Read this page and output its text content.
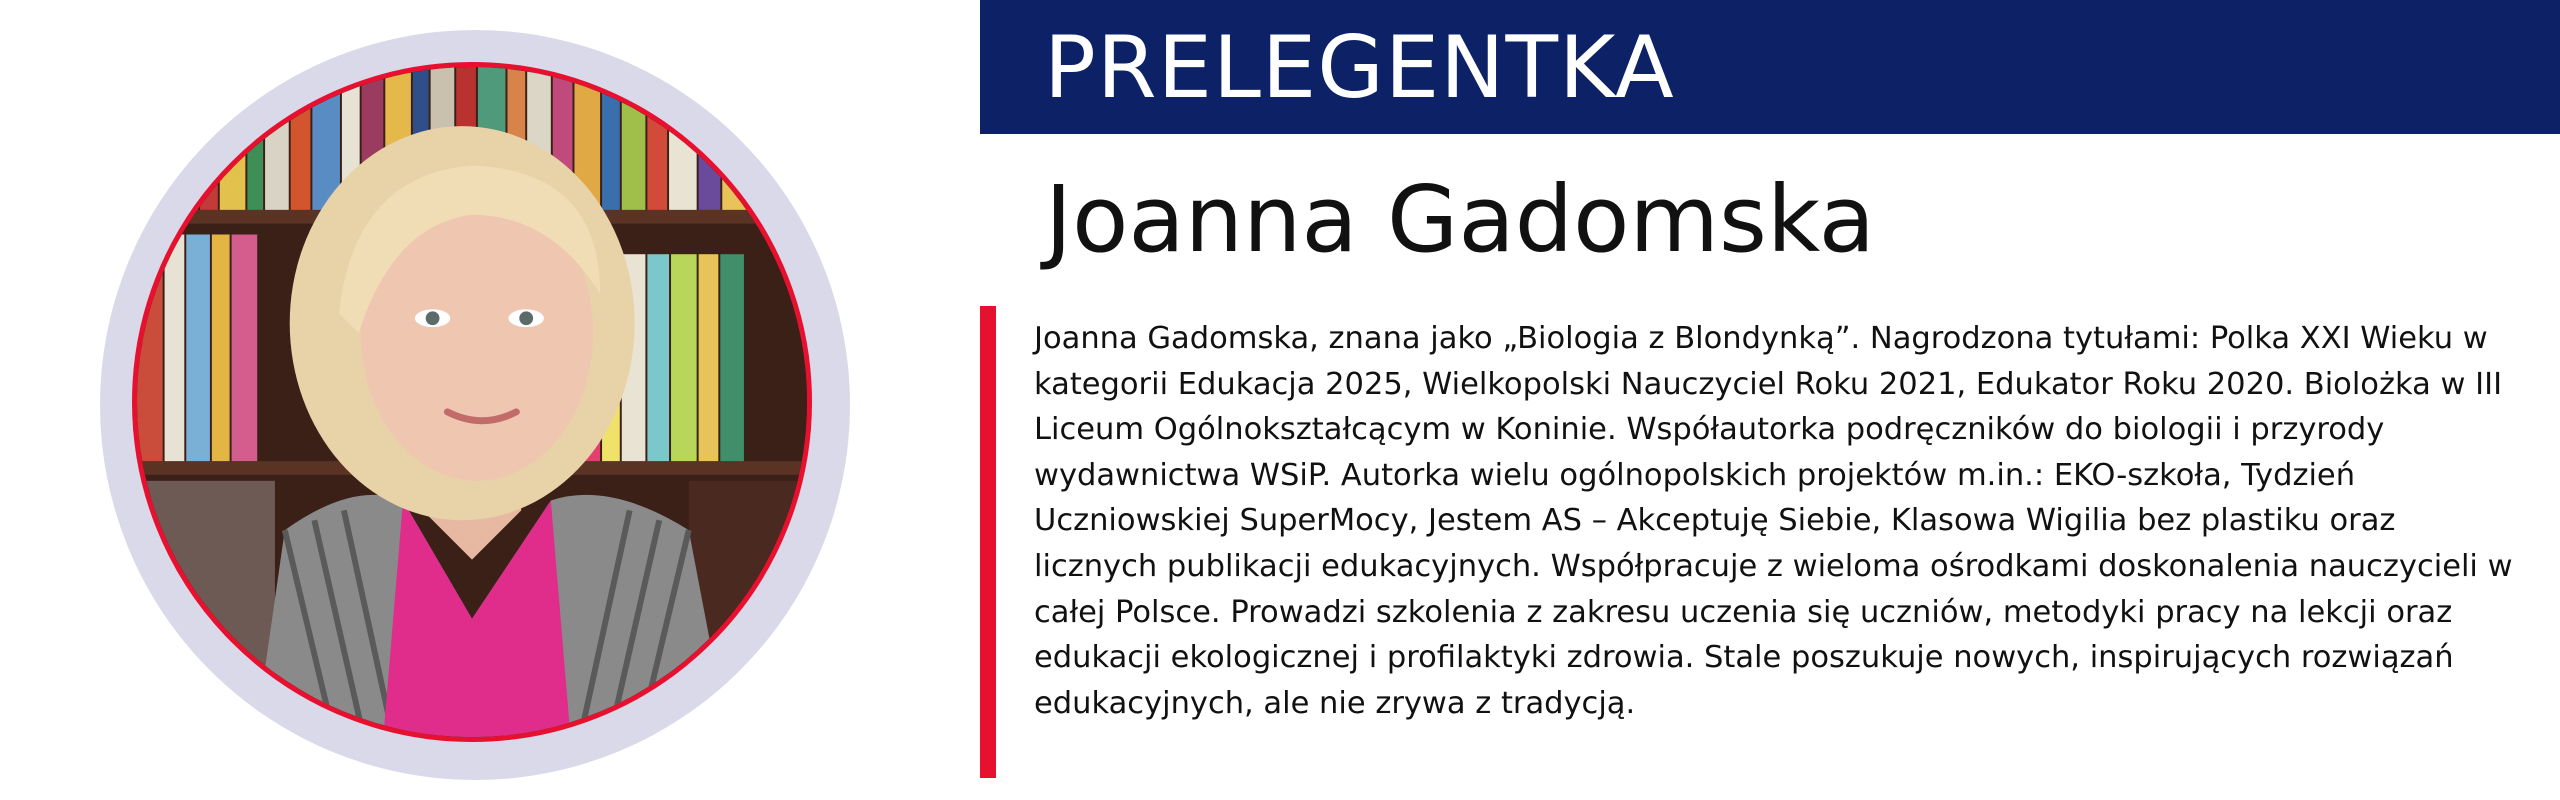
PRELEGENTKA
Joanna Gadomska
Joanna Gadomska, znana jako „Biologia z Blondynką”. Nagrodzona tytułami: Polka XXI Wieku w kategorii Edukacja 2025, Wielkopolski Nauczyciel Roku 2021, Edukator Roku 2020. Biolożka w III Liceum Ogólnokształcącym w Koninie. Współautorka podręczników do biologii i przyrody wydawnictwa WSiP. Autorka wielu ogólnopolskich projektów m.in.: EKO-szkoła, Tydzień Uczniowskiej SuperMocy, Jestem AS – Akceptuję Siebie, Klasowa Wigilia bez plastiku oraz licznych publikacji edukacyjnych. Współpracuje z wieloma ośrodkami doskonalenia nauczycieli w całej Polsce. Prowadzi szkolenia z zakresu uczenia się uczniów, metodyki pracy na lekcji oraz edukacji ekologicznej i profilaktyki zdrowia. Stale poszukuje nowych, inspirujących rozwiązań edukacyjnych, ale nie zrywa z tradycją.
